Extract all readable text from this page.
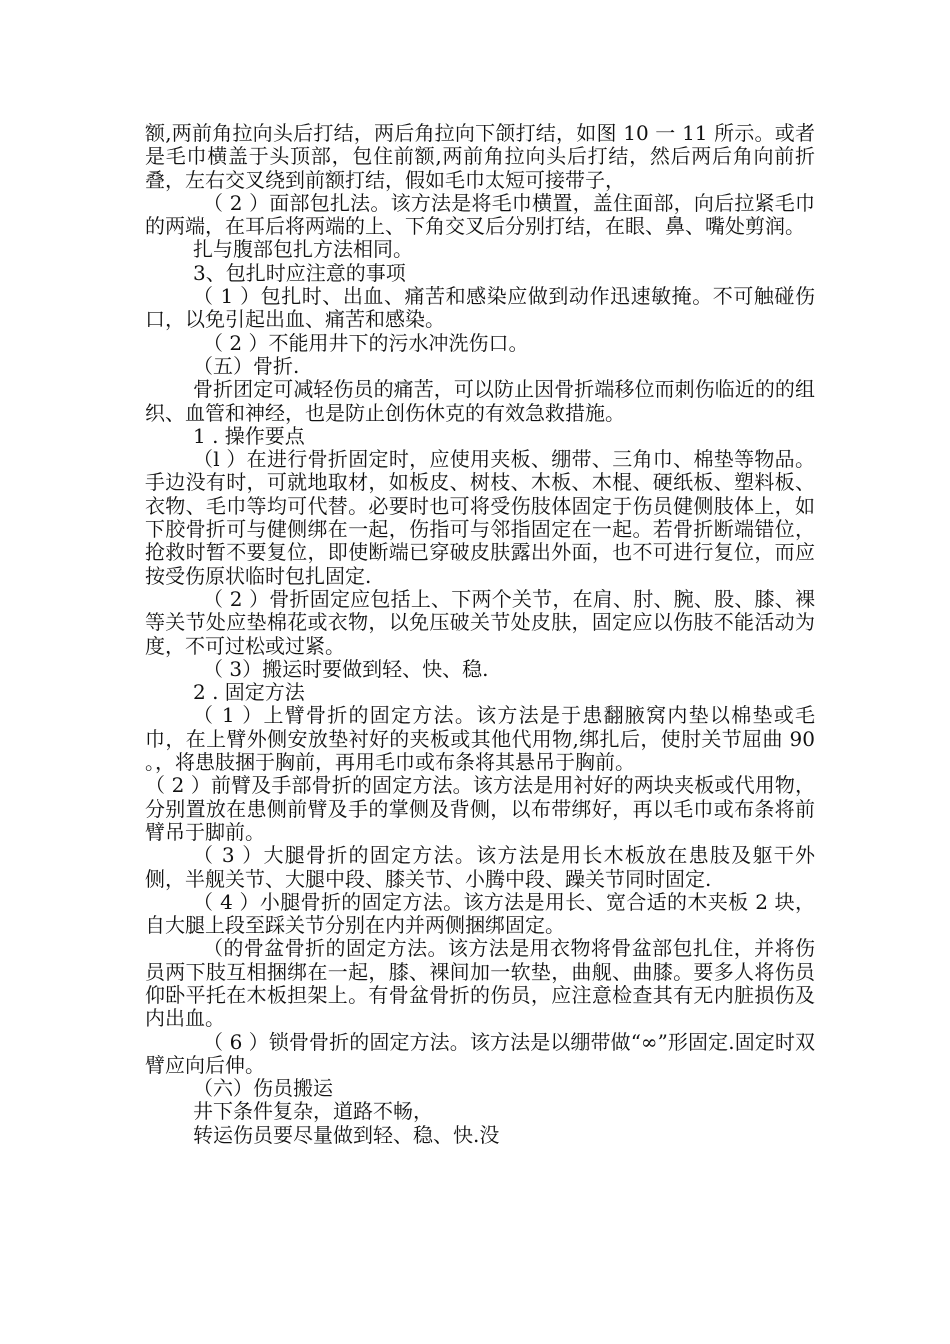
额,两前角拉向头后打结，两后角拉向下颌打结，如图 10 一 11 所示。或者是毛巾横盖于头顶部，包住前额,两前角拉向头后打结，然后两后角向前折叠，左右交叉绕到前额打结，假如毛巾太短可接带子，

（ 2 ）面部包扎法。该方法是将毛巾横置，盖住面部，向后拉紧毛巾的两端，在耳后将两端的上、下角交叉后分别打结，在眼、鼻、嘴处剪润。

扎与腹部包扎方法相同。

3、包扎时应注意的事项

（ 1 ）包扎时、出血、痛苦和感染应做到动作迅速敏掩。不可触碰伤口，以免引起出血、痛苦和感染。

（ 2 ）不能用井下的污水冲洗伤口。

（五）骨折.

骨折团定可减轻伤员的痛苦，可以防止因骨折端移位而刺伤临近的的组织、血管和神经，也是防止创伤休克的有效急救措施。

1 . 操作要点

（l ）在进行骨折固定时，应使用夹板、绷带、三角巾、棉垫等物品。手边没有时，可就地取材，如板皮、树枝、木板、木棍、硬纸板、塑料板、衣物、毛巾等均可代替。必要时也可将受伤肢体固定于伤员健侧肢体上，如下胶骨折可与健侧绑在一起，伤指可与邻指固定在一起。若骨折断端错位，抢救时暂不要复位，即使断端已穿破皮肤露出外面，也不可进行复位，而应按受伤原状临时包扎固定.

（ 2 ）骨折固定应包括上、下两个关节，在肩、肘、腕、股、膝、裸等关节处应垫棉花或衣物，以免压破关节处皮肤，固定应以伤肢不能活动为度，不可过松或过紧。

（ 3）搬运时要做到轻、快、稳.

2 . 固定方法

（ 1 ）上臂骨折的固定方法。该方法是于患翻腋窝内垫以棉垫或毛巾，在上臂外侧安放垫衬好的夹板或其他代用物,绑扎后，使肘关节屈曲 90 。，将患肢捆于胸前，再用毛巾或布条将其悬吊于胸前。

（ 2 ）前臂及手部骨折的固定方法。该方法是用衬好的两块夹板或代用物，分别置放在患侧前臂及手的掌侧及背侧，以布带绑好，再以毛巾或布条将前臂吊于脚前。

（ 3 ）大腿骨折的固定方法。该方法是用长木板放在患肢及躯干外侧，半舰关节、大腿中段、膝关节、小腾中段、躁关节同时固定.

（ 4 ）小腿骨折的固定方法。该方法是用长、宽合适的木夹板 2 块，自大腿上段至踩关节分别在内并两侧捆绑固定。

（的骨盆骨折的固定方法。该方法是用衣物将骨盆部包扎住，并将伤员两下肢互相捆绑在一起，膝、裸间加一软垫，曲舰、曲膝。要多人将伤员仰卧平托在木板担架上。有骨盆骨折的伤员，应注意检查其有无内脏损伤及内出血。

（ 6 ）锁骨骨折的固定方法。该方法是以绷带做“∞”形固定.固定时双臂应向后伸。

（六）伤员搬运

井下条件复杂，道路不畅，

转运伤员要尽量做到轻、稳、快.没
